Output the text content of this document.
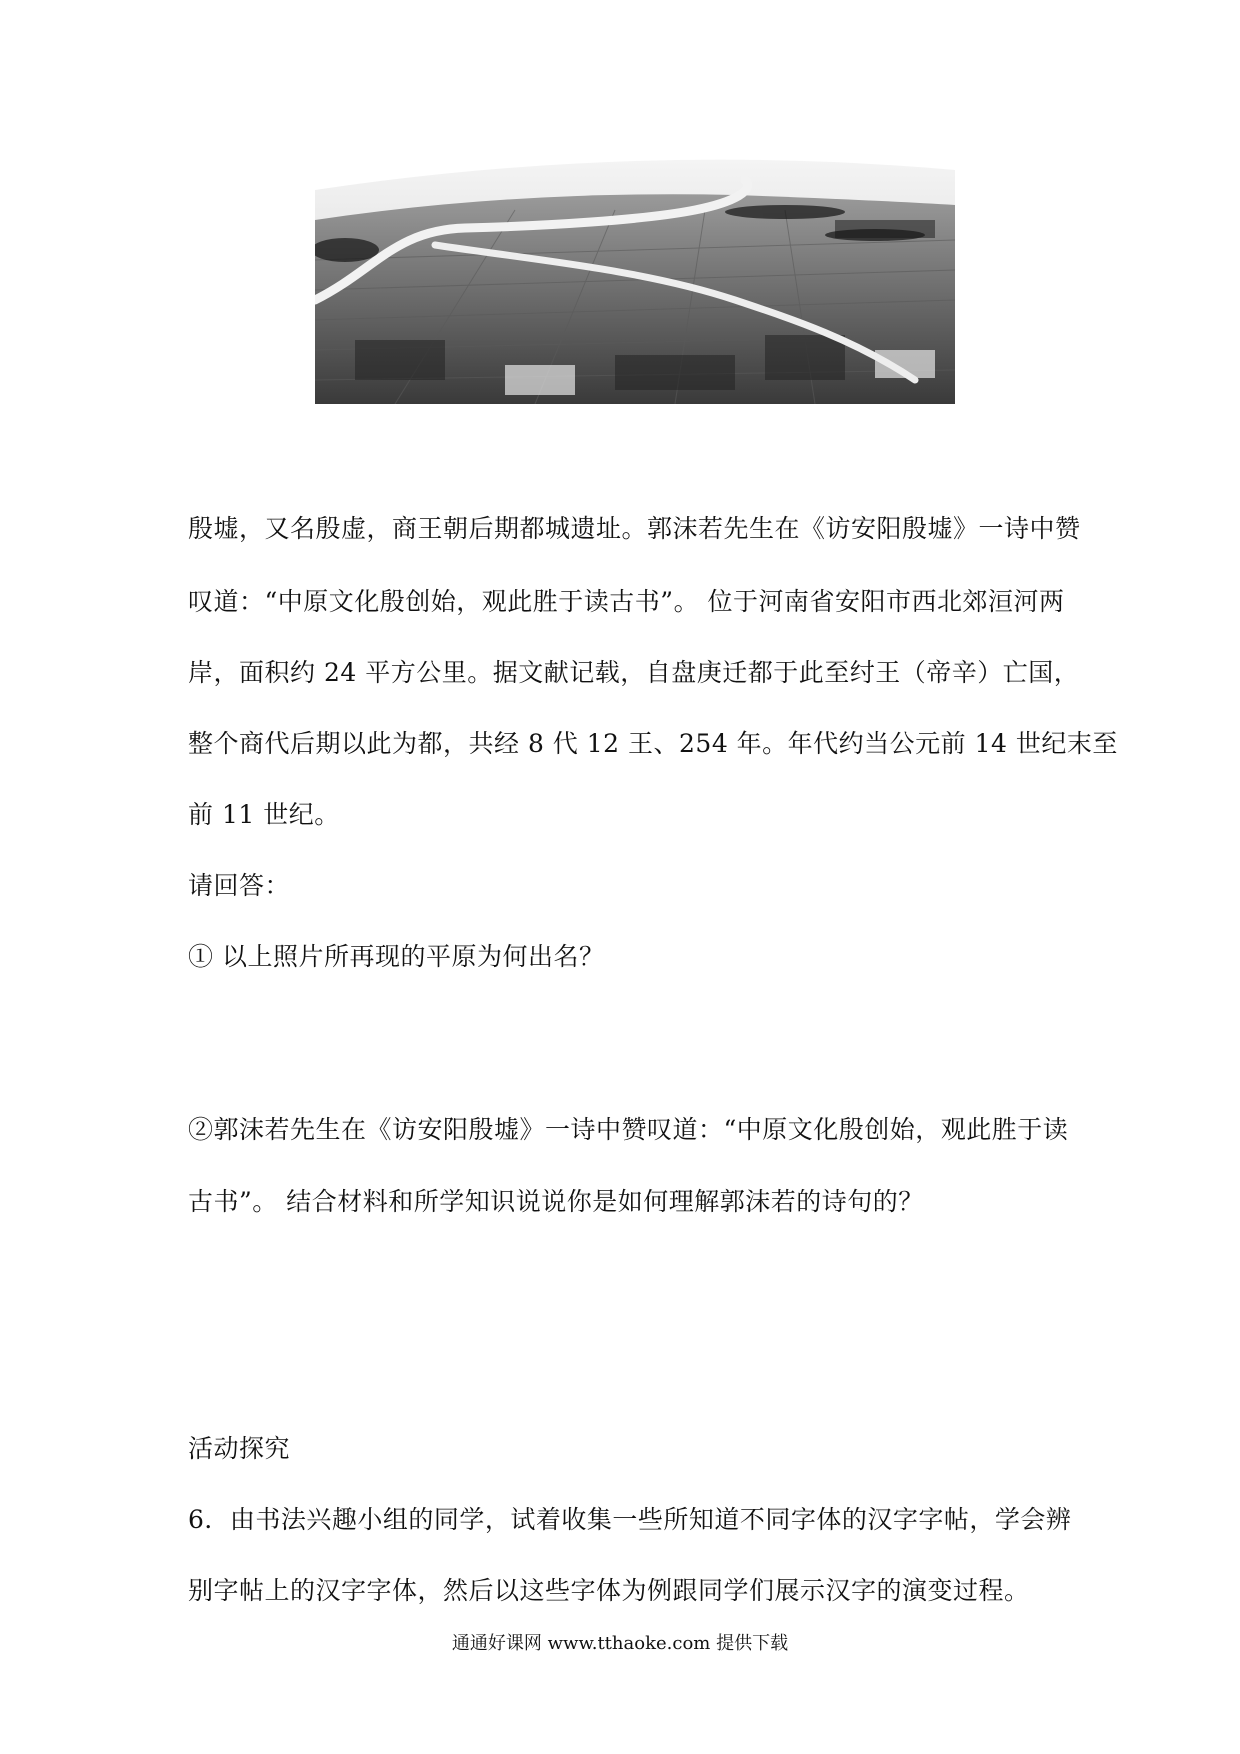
殷墟，又名殷虚，商王朝后期都城遗址。郭沫若先生在《访安阳殷墟》一诗中赞
叹道：“中原文化殷创始，观此胜于读古书”。 位于河南省安阳市西北郊洹河两
岸，面积约 24 平方公里。据文献记载，自盘庚迁都于此至纣王（帝辛）亡国，
整个商代后期以此为都，共经 8 代 12 王、254 年。年代约当公元前 14 世纪末至
前 11 世纪。
请回答：
① 以上照片所再现的平原为何出名？
②郭沫若先生在《访安阳殷墟》一诗中赞叹道：“中原文化殷创始，观此胜于读
古书”。 结合材料和所学知识说说你是如何理解郭沫若的诗句的？
活动探究
6．由书法兴趣小组的同学，试着收集一些所知道不同字体的汉字字帖，学会辨
别字帖上的汉字字体，然后以这些字体为例跟同学们展示汉字的演变过程。
通通好课网 www.tthaoke.com 提供下载
